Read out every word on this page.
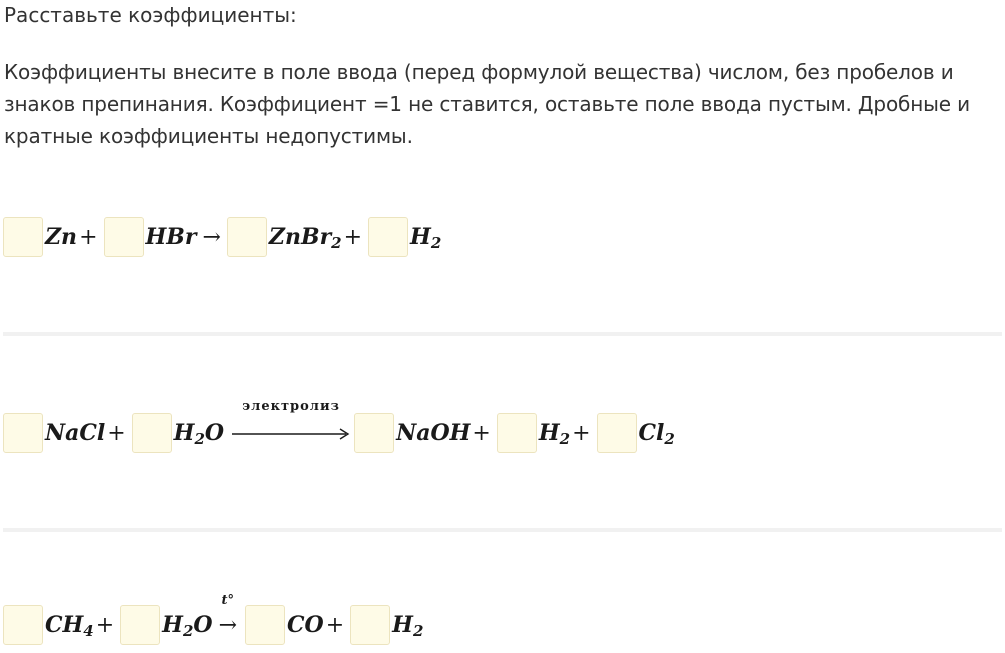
Расставьте коэффициенты:

Коэффициенты внесите в поле ввода (перед формулой вещества) числом, без пробелов и
знаков препинания. Коэффициент =1 не ставится, оставьте поле ввода пустым. Дробные и
кратные коэффициенты недопустимы.
Zn + HBr → ZnBr$_2$ + $H_2$
NaCl + $H_2O$
электролиз
NaOH + $H_2 + Cl_2$
$CH_4 + H_2O$
t°
→ CO + $H_2$
